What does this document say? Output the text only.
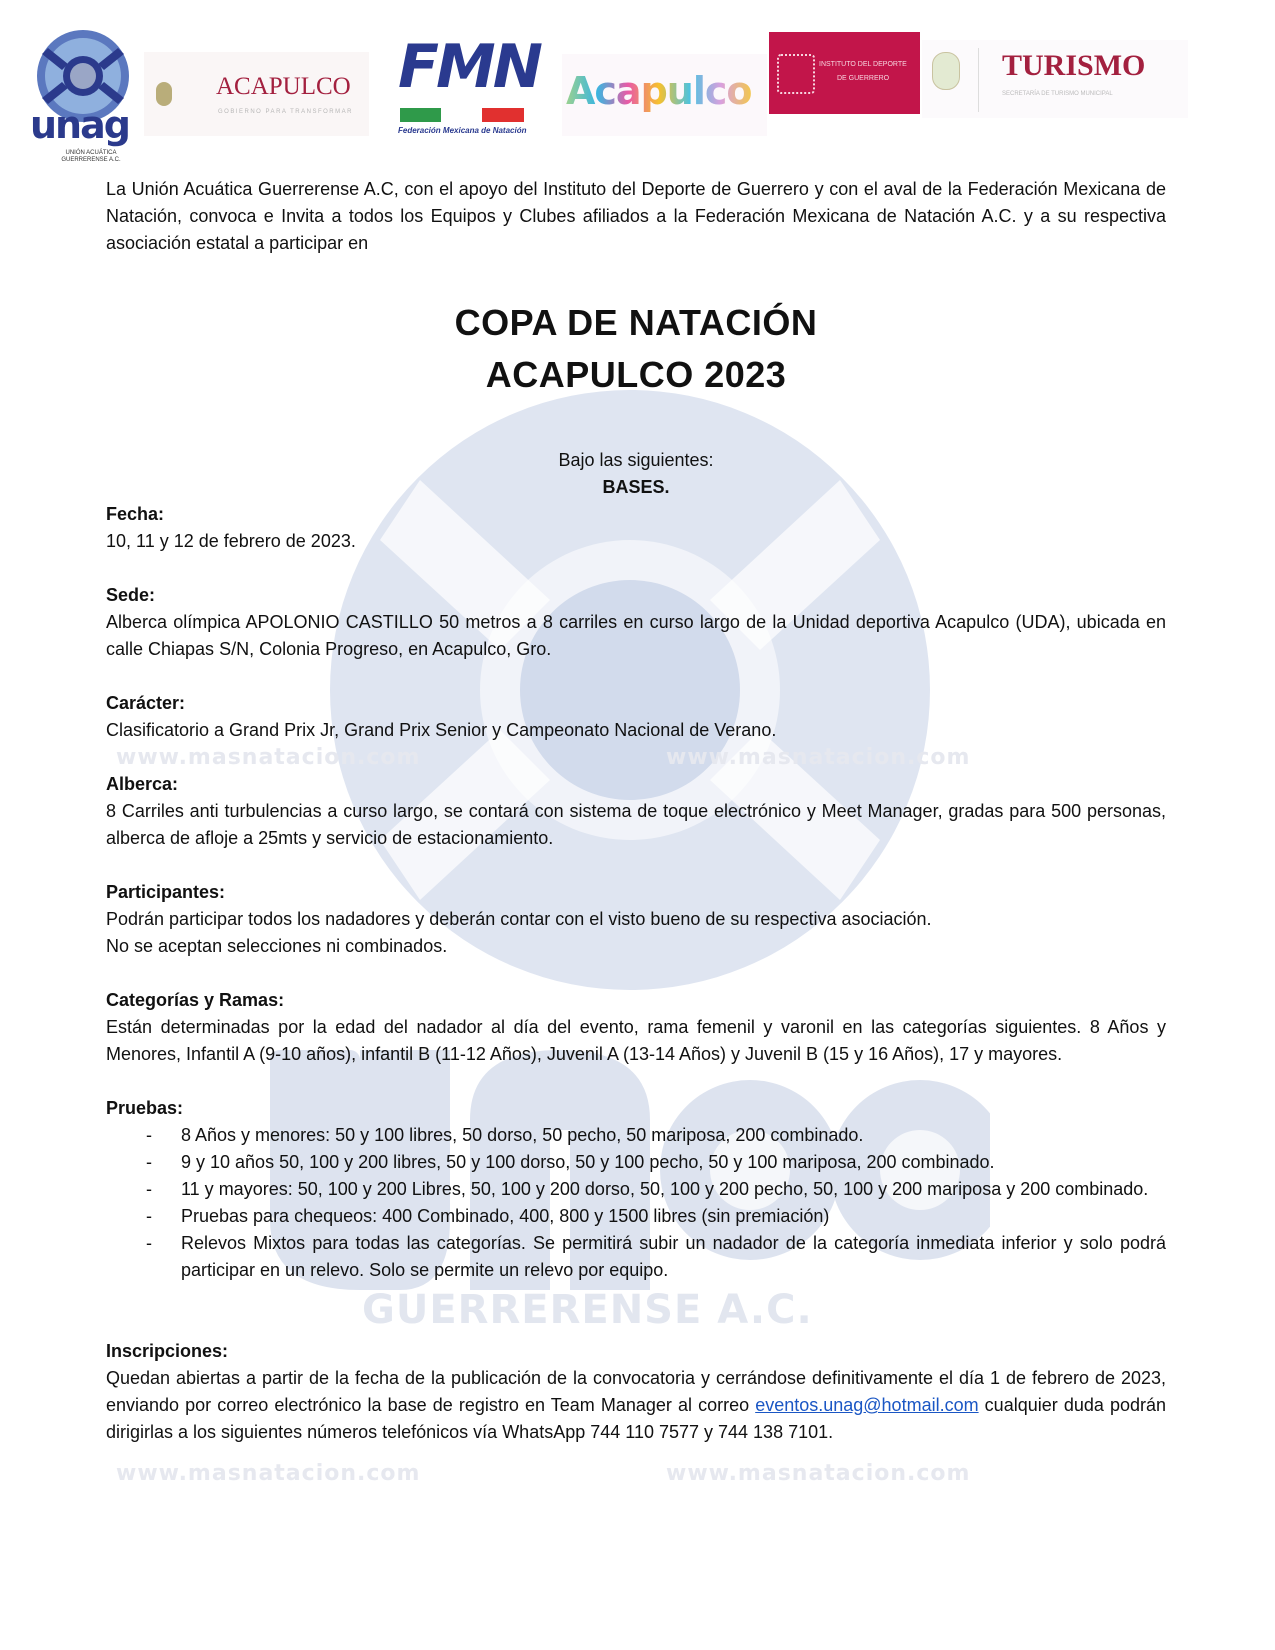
unag
UNIÓN ACUÁTICA GUERRERENSE A.C.
ACAPULCO
GOBIERNO PARA TRANSFORMAR
FMN
Federación Mexicana de Natación
Acapulco
INSTITUTO DEL DEPORTE
DE GUERRERO	TURISMO
SECRETARÍA DE TURISMO MUNICIPAL

La Unión Acuática Guerrerense A.C, con el apoyo del Instituto del Deporte de Guerrero y con el aval de la Federación Mexicana de Natación, convoca e Invita a todos los Equipos y Clubes afiliados a la Federación Mexicana de Natación A.C. y a su respectiva asociación estatal a participar en

COPA DE NATACIÓN
ACAPULCO 2023
Bajo las siguientes:
BASES.
Fecha:

10, 11 y 12 de febrero de 2023.

Sede:

Alberca olímpica APOLONIO CASTILLO 50 metros a 8 carriles en curso largo de la Unidad deportiva Acapulco (UDA), ubicada en calle Chiapas S/N, Colonia Progreso, en Acapulco, Gro.

Carácter:

Clasificatorio a Grand Prix Jr, Grand Prix Senior y Campeonato Nacional de Verano.

www.masnatacion.com	www.masnatacion.com
Alberca:

8 Carriles anti turbulencias a curso largo, se contará con sistema de toque electrónico y Meet Manager, gradas para 500 personas, alberca de afloje a 25mts y servicio de estacionamiento.

Participantes:

Podrán participar todos los nadadores y deberán contar con el visto bueno de su respectiva asociación.

No se aceptan selecciones ni combinados.

Categorías y Ramas:

Están determinadas por la edad del nadador al día del evento, rama femenil y varonil en las categorías siguientes. 8 Años y Menores, Infantil A (9-10 años), infantil B (11-12 Años), Juvenil A (13-14 Años) y Juvenil B (15 y 16 Años), 17 y mayores.

Pruebas:
- 8 Años y menores: 50 y 100 libres, 50 dorso, 50 pecho, 50 mariposa, 200 combinado.
- 9 y 10 años 50, 100 y 200 libres, 50 y 100 dorso, 50 y 100 pecho, 50 y 100 mariposa, 200 combinado.
- 11 y mayores: 50, 100 y 200 Libres, 50, 100 y 200 dorso, 50, 100 y 200 pecho, 50, 100 y 200 mariposa y 200 combinado.
- Pruebas para chequeos: 400 Combinado, 400, 800 y 1500 libres (sin premiación)
- Relevos Mixtos para todas las categorías. Se permitirá subir un nadador de la categoría inmediata inferior y solo podrá participar en un relevo. Solo se permite un relevo por equipo.
GUERRERENSE A.C.
Inscripciones:

Quedan abiertas a partir de la fecha de la publicación de la convocatoria y cerrándose definitivamente el día 1 de febrero de 2023, enviando por correo electrónico la base de registro en Team Manager al correo eventos.unag@hotmail.com cualquier duda podrán dirigirlas a los siguientes números telefónicos vía WhatsApp 744 110 7577 y 744 138 7101.

www.masnatacion.com	www.masnatacion.com
